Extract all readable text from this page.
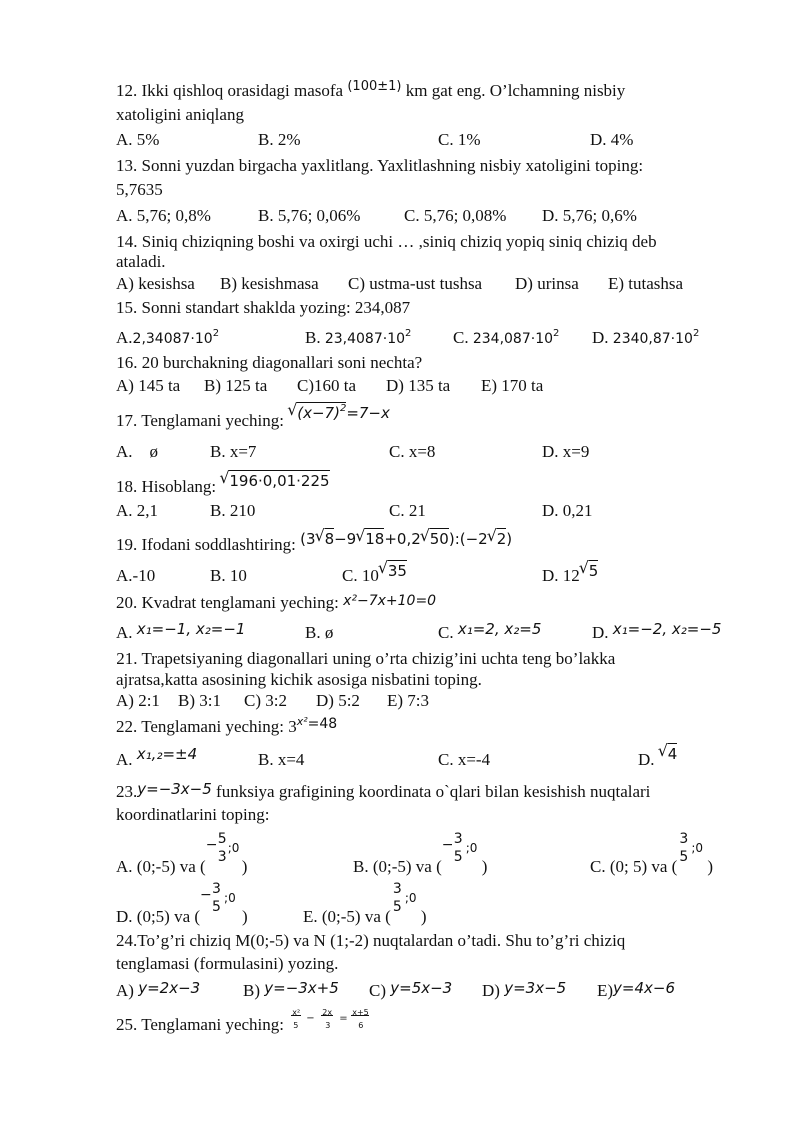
12. Ikki qishloq orasidagi masofa $^{(100\pm 1)}$ km gat eng. O’lchamning nisbiy
xatoligini aniqlang
A. 5%	B. 2%	C. 1%	D. 4%
13. Sonni yuzdan birgacha yaxlitlang. Yaxlitlashning nisbiy xatoligini toping:
5,7635
A. 5,76; 0,8%	B. 5,76; 0,06%	C. 5,76; 0,08% D. 5,76; 0,6%
14. Siniq chiziqning boshi va oxirgi uchi … ,siniq chiziq yopiq siniq chiziq deb
ataladi.
A) kesishsa B) kesishmasa C) ustma-ust tushsa D) urinsa E) tutashsa
15. Sonni standart shaklda yozing: 234,087
$A.2,34087\cdot 10^2$	B. $23,4087\cdot 10^2$ C. $234,087\cdot 10^2$ D. $2340,87\cdot 10^2$
16. 20 burchakning diagonallari soni nechta?
A) 145 ta B) 125 ta C)160 ta D) 135 ta E) 170 ta
17. Tenglamani yeching: √ $(x-7)^2=7-x$
A.    ø	B. x=7	C. x=8	D. x=9
18. Hisoblang: √ 196·0,01·225
A. 2,1	B. 210	C. 21	D. 0,21
19. Ifodani soddlashtiring: (3 √ 8−9 √ 18+0,2 √ 50):(−2 √ 2)
A.-10	B. 10	C. 10 √ 35	D. 12 √ 5
20. Kvadrat tenglamani yeching: x²−7x+10=0
A. x₁=−1, x₂=−1	B. ø	C. x₁=2, x₂=5	D. x₁=−2, x₂=−5
21. Trapetsiyaning diagonallari uning o’rta chizig’ini uchta teng bo’lakka
ajratsa,katta asosining kichik asosiga nisbatini toping.
A) 2:1 B) 3:1 C) 3:2 D) 5:2 E) 7:3
22. Tenglamani yeching: $3^{x^2=48}$
A. x₁,₂=±4	B. x=4	C. x=-4	D. √ 4
23.y=−3x−5 funksiya grafigining koordinata o`qlari bilan kesishish nuqtalari
koordinatlarini toping:
A. (0;-5) va (
− 5
3
;0
)	B. (0;-5) va (
− 3
5
;0
)	C. (0; 5) va (
3
5
;0
)
D. (0;5) va (
− 3
5
;0
)	E. (0;-5) va (
3
5
;0
)
24.To’g’ri chiziq M(0;-5) va N (1;-2) nuqtalardan o’tadi. Shu to’g’ri chiziq
tenglamasi (formulasini) yozing.
A) y=2x−3	B) y=−3x+5 C) y=5x−3 D) y=3x−5 E)y=4x−6
25. Tenglamani yeching:
x²
5
−
2x
3
=
x+5
6
